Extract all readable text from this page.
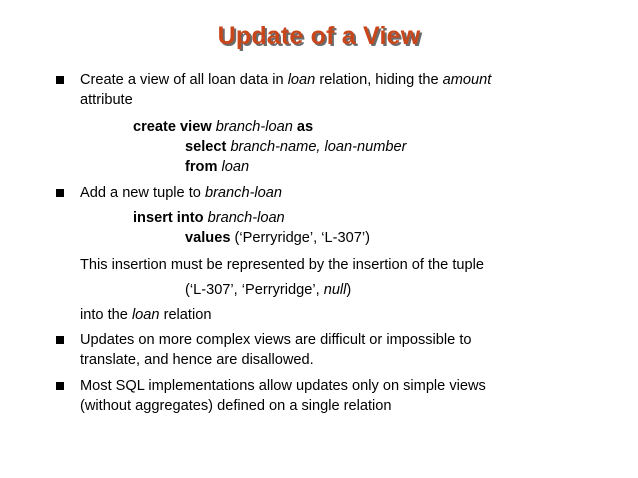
Update of a View
Create a view of all loan data in loan relation, hiding the amount
attribute
create view branch-loan as
select branch-name, loan-number
from loan
Add a new tuple to branch-loan
insert into branch-loan
values (‘Perryridge’, ‘L-307’)
This insertion must be represented by the insertion of the tuple
(‘L-307’, ‘Perryridge’, null)
into the loan relation
Updates on more complex views are difficult or impossible to
translate, and hence are disallowed.
Most SQL implementations allow updates only on simple views
(without aggregates) defined on a single relation
